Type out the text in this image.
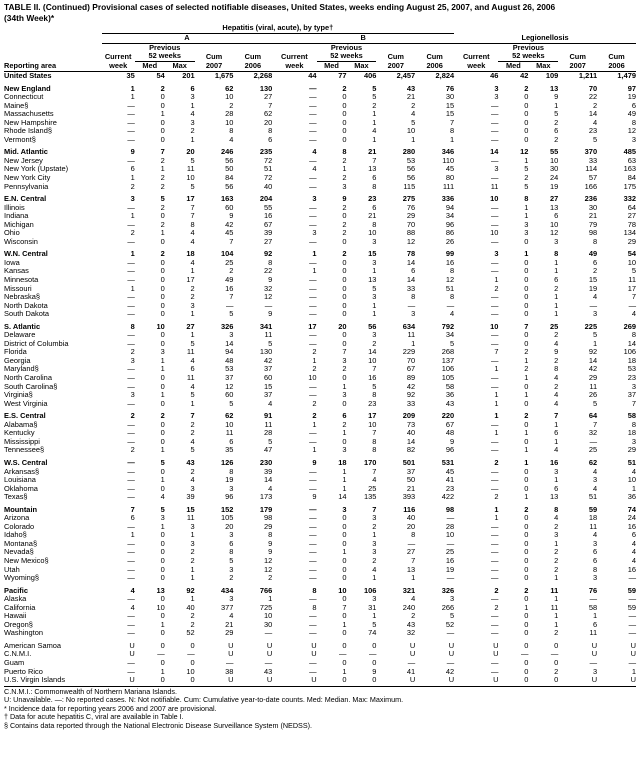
TABLE II. (Continued) Provisional cases of selected notifiable diseases, United States, weeks ending August 25, 2007, and August 26, 2006
(34th Week)*
	Hepatitis (viral, acute), by type†														
	A					B					Legionellosis				
		Previous					Previous					Previous			
	Current	52 weeks		Cum	Cum	Current	52 weeks		Cum	Cum	Current	52 weeks		Cum	Cum
Reporting area	week	Med	Max	2007	2006	week	Med	Max	2007	2006	week	Med	Max	2007	2006
United States	35	54	201	1,675	2,268	44	77	406	2,457	2,824	46	42	109	1,211	1,479

New England	1	2	6	62	130	—	2	5	43	76	3	2	13	70	97
Connecticut	1	0	3	10	27	—	0	5	21	30	3	0	9	22	19
Maine§	—	0	1	2	7	—	0	2	2	15	—	0	1	2	6
Massachusetts	—	1	4	28	62	—	0	1	4	15	—	0	5	14	49
New Hampshire	—	0	3	10	20	—	0	1	5	7	—	0	2	4	8
Rhode Island§	—	0	2	8	8	—	0	4	10	8	—	0	6	23	12
Vermont§	—	0	1	4	6	—	0	1	1	1	—	0	2	5	3

Mid. Atlantic	9	7	20	246	235	4	8	21	280	346	14	12	55	370	485
New Jersey	—	2	5	56	72	—	2	7	53	110	—	1	10	33	63
New York (Upstate)	6	1	11	50	51	4	1	13	56	45	3	5	30	114	163
New York City	1	2	10	84	72	—	2	6	56	80	—	2	24	57	84
Pennsylvania	2	2	5	56	40	—	3	8	115	111	11	5	19	166	175

E.N. Central	3	5	17	163	204	3	9	23	275	336	10	8	27	236	332
Illinois	—	2	7	60	55	—	2	6	76	94	—	1	13	30	64
Indiana	1	0	7	9	16	—	0	21	29	34	—	1	6	21	27
Michigan	—	2	8	42	67	—	2	8	70	96	—	3	10	79	78
Ohio	2	1	4	45	39	3	2	10	88	86	10	3	12	98	134
Wisconsin	—	0	4	7	27	—	0	3	12	26	—	0	3	8	29

W.N. Central	1	2	18	104	92	1	2	15	78	99	3	1	8	49	54
Iowa	—	0	4	25	8	—	0	3	14	16	—	0	1	6	10
Kansas	—	0	1	2	22	1	0	1	6	8	—	0	1	2	5
Minnesota	—	0	17	49	9	—	0	13	14	12	1	0	6	15	11
Missouri	1	0	2	16	32	—	0	5	33	51	2	0	2	19	17
Nebraska§	—	0	2	7	12	—	0	3	8	8	—	0	1	4	7
North Dakota	—	0	3	—	—	—	0	1	—	—	—	0	1	—	—
South Dakota	—	0	1	5	9	—	0	1	3	4	—	0	1	3	4

S. Atlantic	8	10	27	326	341	17	20	56	634	792	10	7	25	225	269
Delaware	—	0	1	3	11	—	0	3	11	34	—	0	2	5	8
District of Columbia	—	0	5	14	5	—	0	2	1	5	—	0	4	1	14
Florida	2	3	11	94	130	2	7	14	229	268	7	2	9	92	106
Georgia	3	1	4	48	42	1	3	10	70	137	—	1	2	14	18
Maryland§	—	1	6	53	37	2	2	7	67	106	1	2	8	42	53
North Carolina	—	0	11	37	60	10	0	16	89	105	—	1	4	29	23
South Carolina§	—	0	4	12	15	—	1	5	42	58	—	0	2	11	3
Virginia§	3	1	5	60	37	—	3	8	92	36	1	1	4	26	37
West Virginia	—	0	1	5	4	2	0	23	33	43	1	0	4	5	7

E.S. Central	2	2	7	62	91	2	6	17	209	220	1	2	7	64	58
Alabama§	—	0	2	10	11	1	2	10	73	67	—	0	1	7	8
Kentucky	—	0	2	11	28	—	1	7	40	48	1	1	6	32	18
Mississippi	—	0	4	6	5	—	0	8	14	9	—	0	1	—	3
Tennessee§	2	1	5	35	47	1	3	8	82	96	—	1	4	25	29

W.S. Central	—	5	43	126	230	9	18	170	501	531	2	1	16	62	51
Arkansas§	—	0	2	8	39	—	1	7	37	45	—	0	3	4	4
Louisiana	—	1	4	19	14	—	1	4	50	41	—	0	1	3	10
Oklahoma	—	0	3	3	4	—	1	25	21	23	—	0	6	4	1
Texas§	—	4	39	96	173	9	14	135	393	422	2	1	13	51	36

Mountain	7	5	15	152	179	—	3	7	116	98	1	2	8	59	74
Arizona	6	3	11	105	98	—	0	3	40	—	1	0	4	18	24
Colorado	—	1	3	20	29	—	0	2	20	28	—	0	2	11	16
Idaho§	1	0	1	3	8	—	0	1	8	10	—	0	3	4	6
Montana§	—	0	3	6	9	—	0	3	—	—	—	0	1	3	4
Nevada§	—	0	2	8	9	—	1	3	27	25	—	0	2	6	4
New Mexico§	—	0	2	5	12	—	0	2	7	16	—	0	2	6	4
Utah	—	0	1	3	12	—	0	4	13	19	—	0	2	8	16
Wyoming§	—	0	1	2	2	—	0	1	1	—	—	0	1	3	—

Pacific	4	13	92	434	766	8	10	106	321	326	2	2	11	76	59
Alaska	—	0	1	3	1	—	0	3	4	3	—	0	1	—	—
California	4	10	40	377	725	8	7	31	240	266	2	1	11	58	59
Hawaii	—	0	2	4	10	—	0	1	2	5	—	0	1	1	—
Oregon§	—	1	2	21	30	—	1	5	43	52	—	0	1	6	—
Washington	—	0	52	29	—	—	0	74	32	—	—	0	2	11	—

American Samoa	U	0	0	U	U	U	0	0	U	U	U	0	0	U	U
C.N.M.I.	U	—	—	U	U	U	—	—	U	U	U	—	—	U	U
Guam	—	0	0	—	—	—	0	0	—	—	—	0	0	—	—
Puerto Rico	—	1	10	38	43	—	1	9	41	42	—	0	2	3	1
U.S. Virgin Islands	U	0	0	U	U	U	0	0	U	U	U	0	0	U	U
C.N.M.I.: Commonwealth of Northern Mariana Islands.
U: Unavailable. —: No reported cases. N: Not notifiable. Cum: Cumulative year-to-date counts. Med: Median. Max: Maximum.
* Incidence data for reporting years 2006 and 2007 are provisional.
† Data for acute hepatitis C, viral are available in Table I.
§ Contains data reported through the National Electronic Disease Surveillance System (NEDSS).
